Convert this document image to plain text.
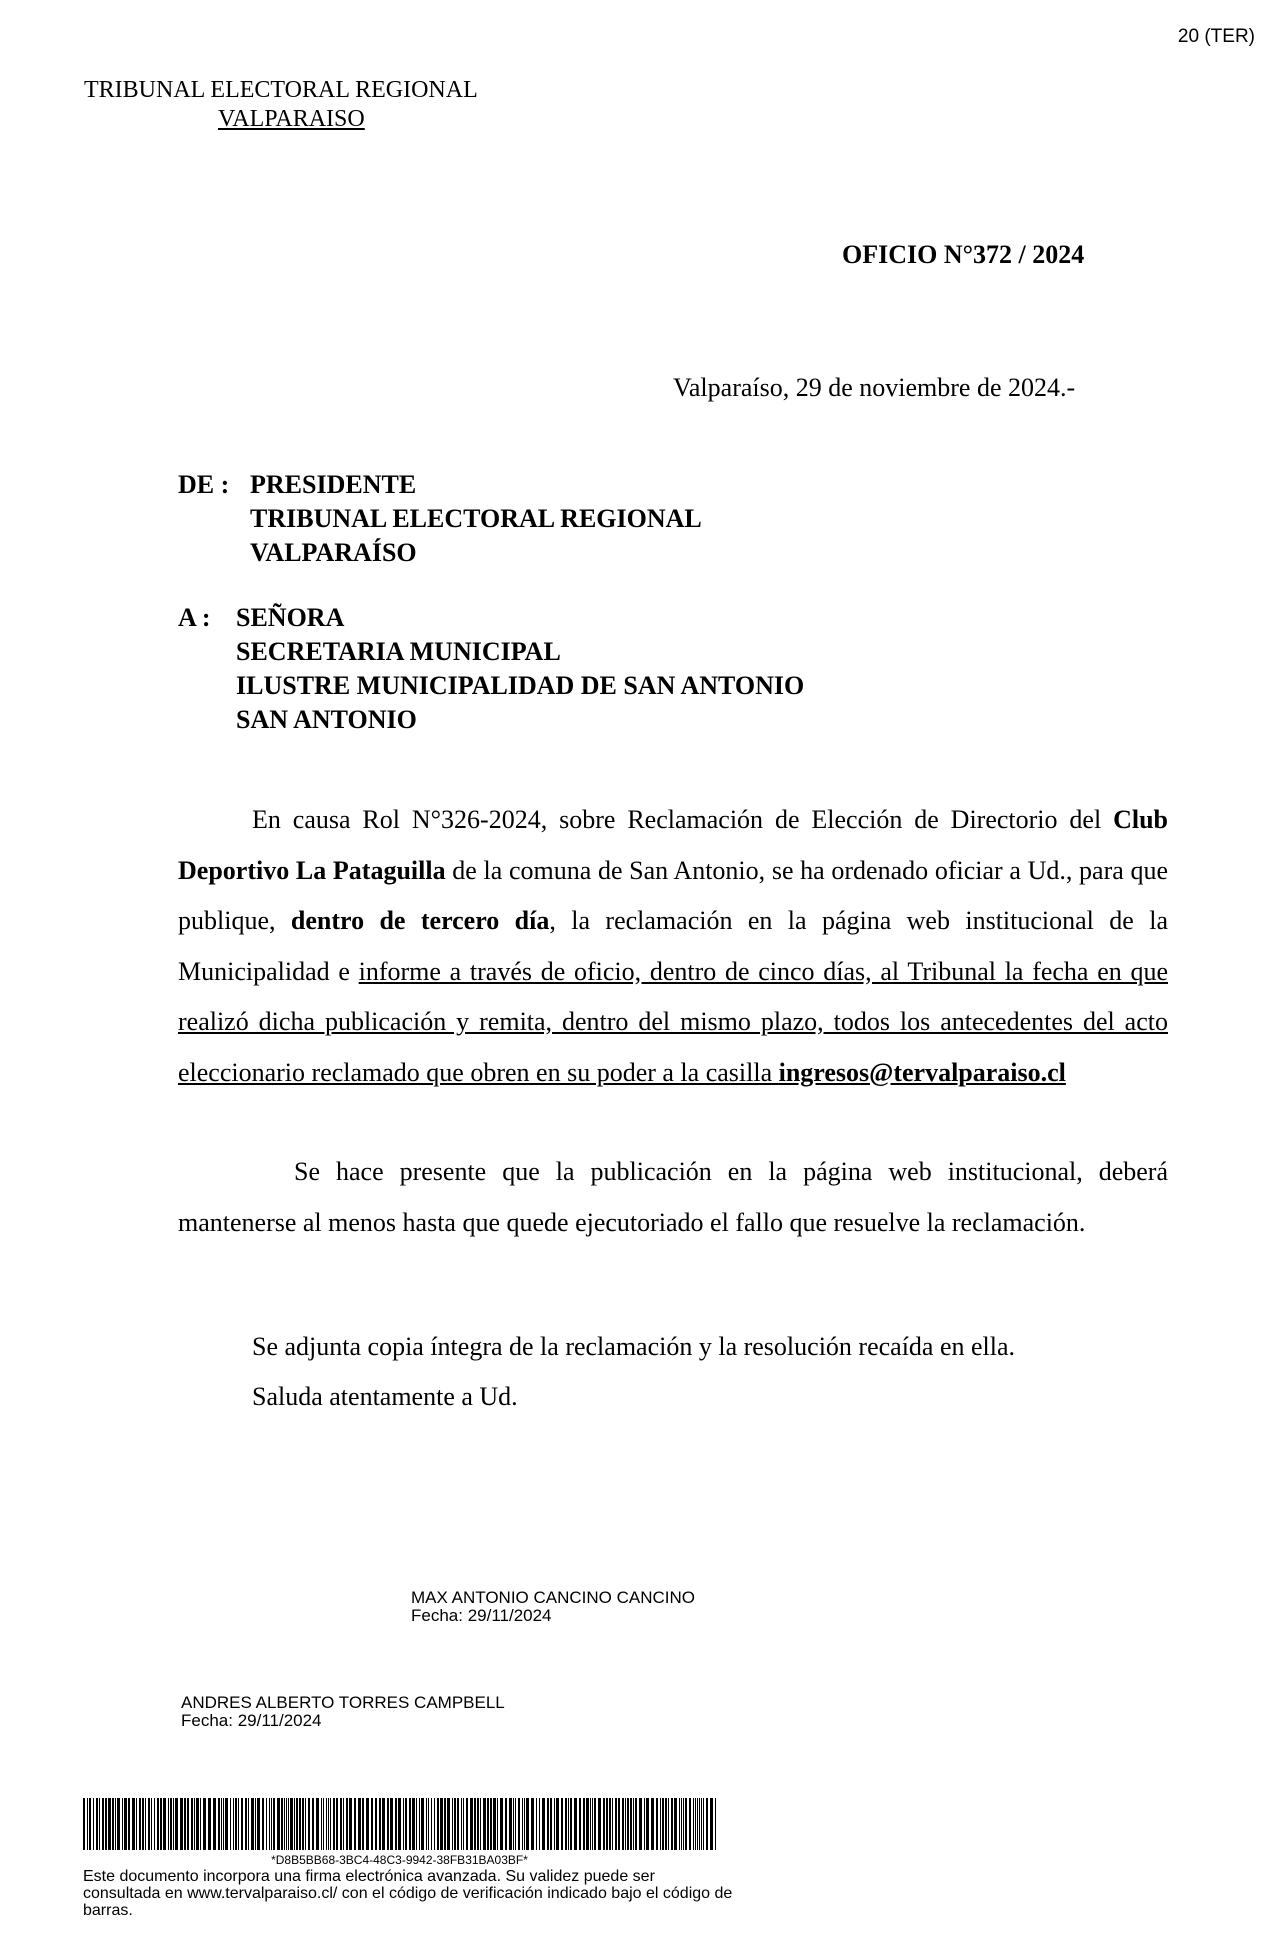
20 (TER)
TRIBUNAL ELECTORAL REGIONAL
VALPARAISO
OFICIO N°372 / 2024
Valparaíso, 29 de noviembre de 2024.-
DE : PRESIDENTE
TRIBUNAL ELECTORAL REGIONAL
VALPARAÍSO
A : SEÑORA
SECRETARIA MUNICIPAL
ILUSTRE MUNICIPALIDAD DE SAN ANTONIO
SAN ANTONIO
En causa Rol N°326-2024, sobre Reclamación de Elección de Directorio del Club Deportivo La Pataguilla de la comuna de San Antonio, se ha ordenado oficiar a Ud., para que publique, dentro de tercero día, la reclamación en la página web institucional de la Municipalidad e informe a través de oficio, dentro de cinco días, al Tribunal la fecha en que realizó dicha publicación y remita, dentro del mismo plazo, todos los antecedentes del acto eleccionario reclamado que obren en su poder a la casilla ingresos@tervalparaiso.cl
Se hace presente que la publicación en la página web institucional, deberá mantenerse al menos hasta que quede ejecutoriado el fallo que resuelve la reclamación.
Se adjunta copia íntegra de la reclamación y la resolución recaída en ella.
Saluda atentamente a Ud.
MAX ANTONIO CANCINO CANCINO
Fecha: 29/11/2024
ANDRES ALBERTO TORRES CAMPBELL
Fecha: 29/11/2024
*D8B5BB68-3BC4-48C3-9942-38FB31BA03BF*
Este documento incorpora una firma electrónica avanzada. Su validez puede ser consultada en www.tervalparaiso.cl/ con el código de verificación indicado bajo el código de barras.
